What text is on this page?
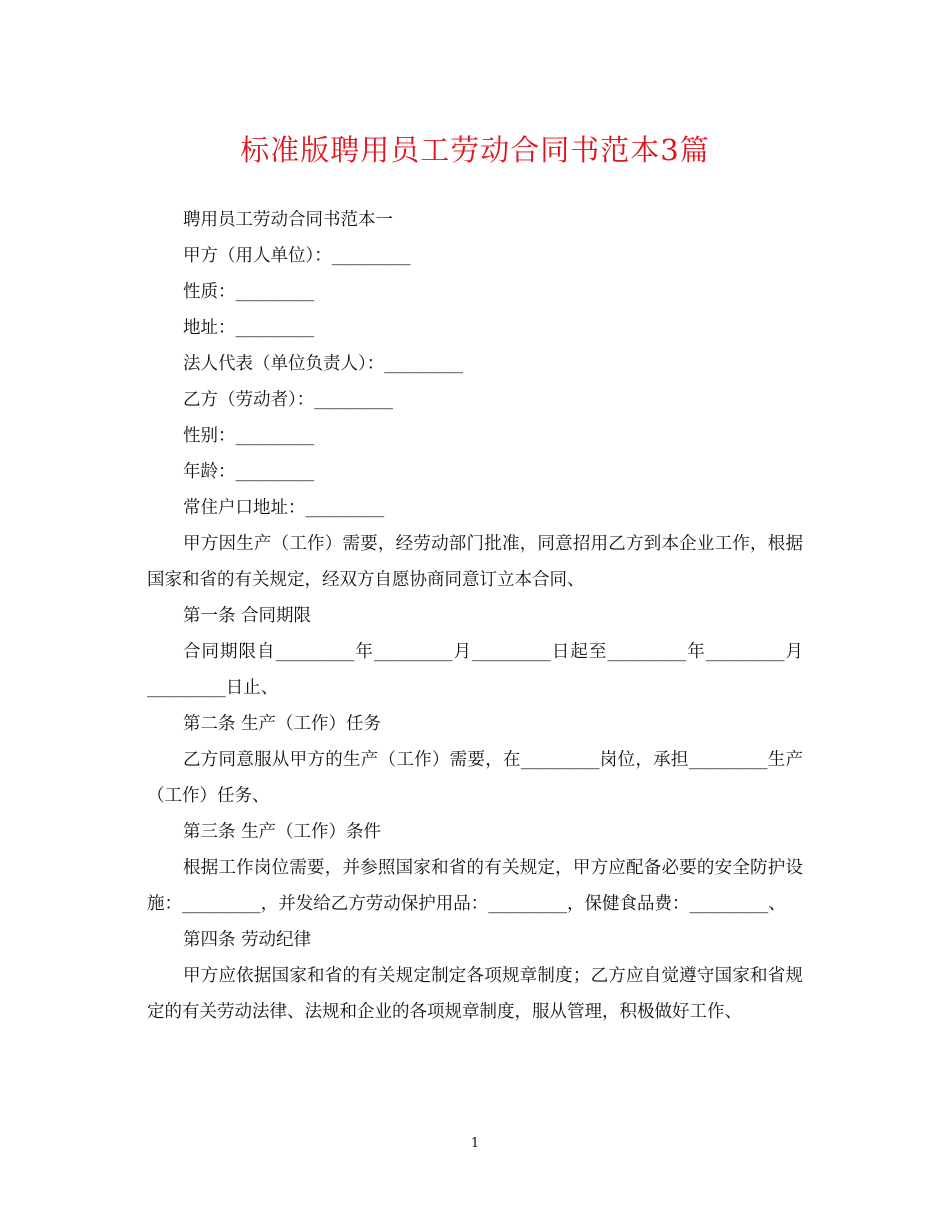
标准版聘用员工劳动合同书范本3篇

聘用员工劳动合同书范本一

甲方（用人单位）：_________

性质：_________

地址：_________

法人代表（单位负责人）：_________

乙方（劳动者）：_________

性别：_________

年龄：_________

常住户口地址：_________

甲方因生产（工作）需要，经劳动部门批准，同意招用乙方到本企业工作，根据国家和省的有关规定，经双方自愿协商同意订立本合同、

第一条 合同期限

合同期限自_________年_________月_________日起至_________年_________月_________日止、

第二条 生产（工作）任务

乙方同意服从甲方的生产（工作）需要，在_________岗位，承担_________生产（工作）任务、

第三条 生产（工作）条件

根据工作岗位需要，并参照国家和省的有关规定，甲方应配备必要的安全防护设施：_________，并发给乙方劳动保护用品：_________，保健食品费：_________、

第四条 劳动纪律

甲方应依据国家和省的有关规定制定各项规章制度；乙方应自觉遵守国家和省规定的有关劳动法律、法规和企业的各项规章制度，服从管理，积极做好工作、

1
